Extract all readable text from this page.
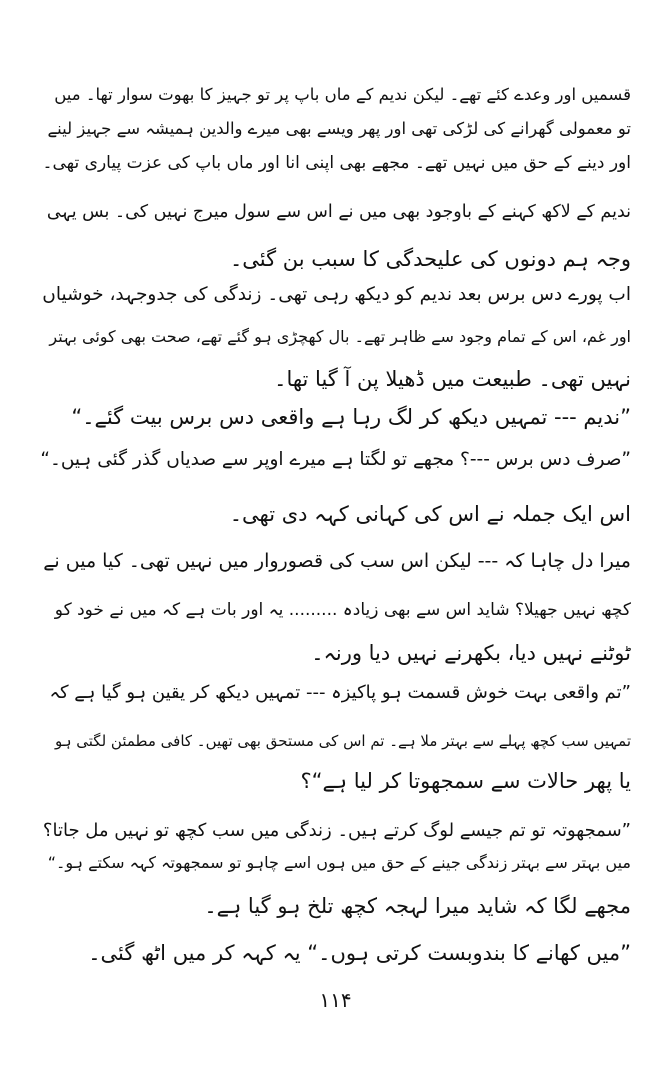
قسمیں اور وعدے کئے تھے۔ لیکن ندیم کے ماں باپ پر تو جہیز کا بھوت سوار تھا۔ میں
تو معمولی گھرانے کی لڑکی تھی اور پھر ویسے بھی میرے والدین ہمیشہ سے جہیز لینے
اور دینے کے حق میں نہیں تھے۔ مجھے بھی اپنی انا اور ماں باپ کی عزت پیاری تھی۔
ندیم کے لاکھ کہنے کے باوجود بھی میں نے اس سے سول میرج نہیں کی۔ بس یہی
وجہ ہم دونوں کی علیحدگی کا سبب بن گئی۔
اب پورے دس برس بعد ندیم کو دیکھ رہی تھی۔ زندگی کی جدوجہد، خوشیاں
اور غم، اس کے تمام وجود سے ظاہر تھے۔ بال کھچڑی ہو گئے تھے، صحت بھی کوئی بہتر
نہیں تھی۔ طبیعت میں ڈھیلا پن آ گیا تھا۔
”ندیم --- تمہیں دیکھ کر لگ رہا ہے واقعی دس برس بیت گئے۔“
”صرف دس برس ---؟ مجھے تو لگتا ہے میرے اوپر سے صدیاں گذر گئی ہیں۔“
اس ایک جملہ نے اس کی کہانی کہہ دی تھی۔
میرا دل چاہا کہ --- لیکن اس سب کی قصوروار میں نہیں تھی۔ کیا میں نے
کچھ نہیں جھیلا؟ شاید اس سے بھی زیادہ ......... یہ اور بات ہے کہ میں نے خود کو
ٹوٹنے نہیں دیا، بکھرنے نہیں دیا ورنہ۔
”تم واقعی بہت خوش قسمت ہو پاکیزہ --- تمہیں دیکھ کر یقین ہو گیا ہے کہ
تمہیں سب کچھ پہلے سے بہتر ملا ہے۔ تم اس کی مستحق بھی تھیں۔ کافی مطمئن لگتی ہو
یا پھر حالات سے سمجھوتا کر لیا ہے“؟
”سمجھوتہ تو تم جیسے لوگ کرتے ہیں۔ زندگی میں سب کچھ تو نہیں مل جاتا؟
میں بہتر سے بہتر زندگی جینے کے حق میں ہوں اسے چاہو تو سمجھوتہ کہہ سکتے ہو۔“
مجھے لگا کہ شاید میرا لہجہ کچھ تلخ ہو گیا ہے۔
”میں کھانے کا بندوبست کرتی ہوں۔“ یہ کہہ کر میں اٹھ گئی۔
۱۱۴
